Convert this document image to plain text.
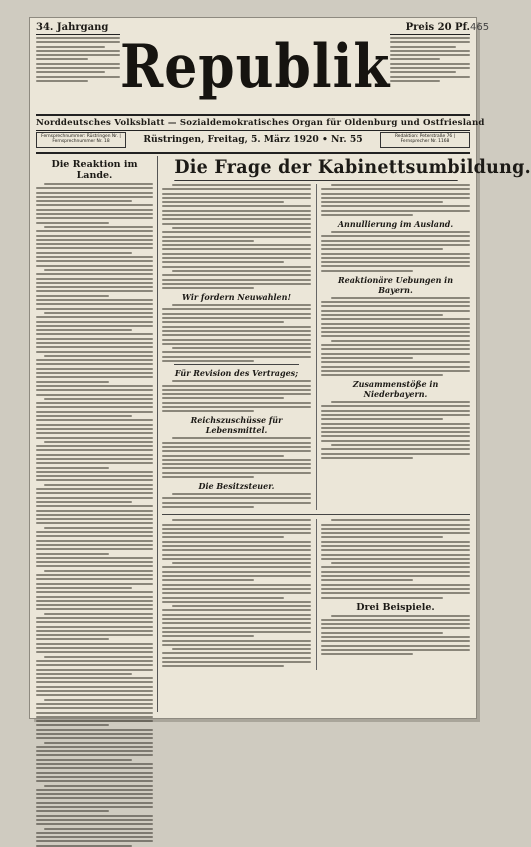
465
34. Jahrgang
Republik
Preis 20 Pf.
Norddeutsches Volksblatt — Sozialdemokratisches Organ für Oldenburg und Ostfriesland
Fernsprechnummer: Rüstringen Nr. | Fernsprechnummer Nr. 18	Rüstringen, Freitag, 5. März 1920 • Nr. 55	Redaktion: Peterstraße 76 | Fernsprecher Nr. 1168
Die Reaktion im Lande.	Die Frage der Kabinettsumbildung.
Wir fordern Neuwahlen!
Für Revision des Vertrages;
Reichszuschüsse für Lebensmittel.
Die Besitzsteuer.
Annullierung im Ausland.
Reaktionäre Uebungen in Bayern.
Zusammenstöße in Niederbayern.
Drei Beispiele.
